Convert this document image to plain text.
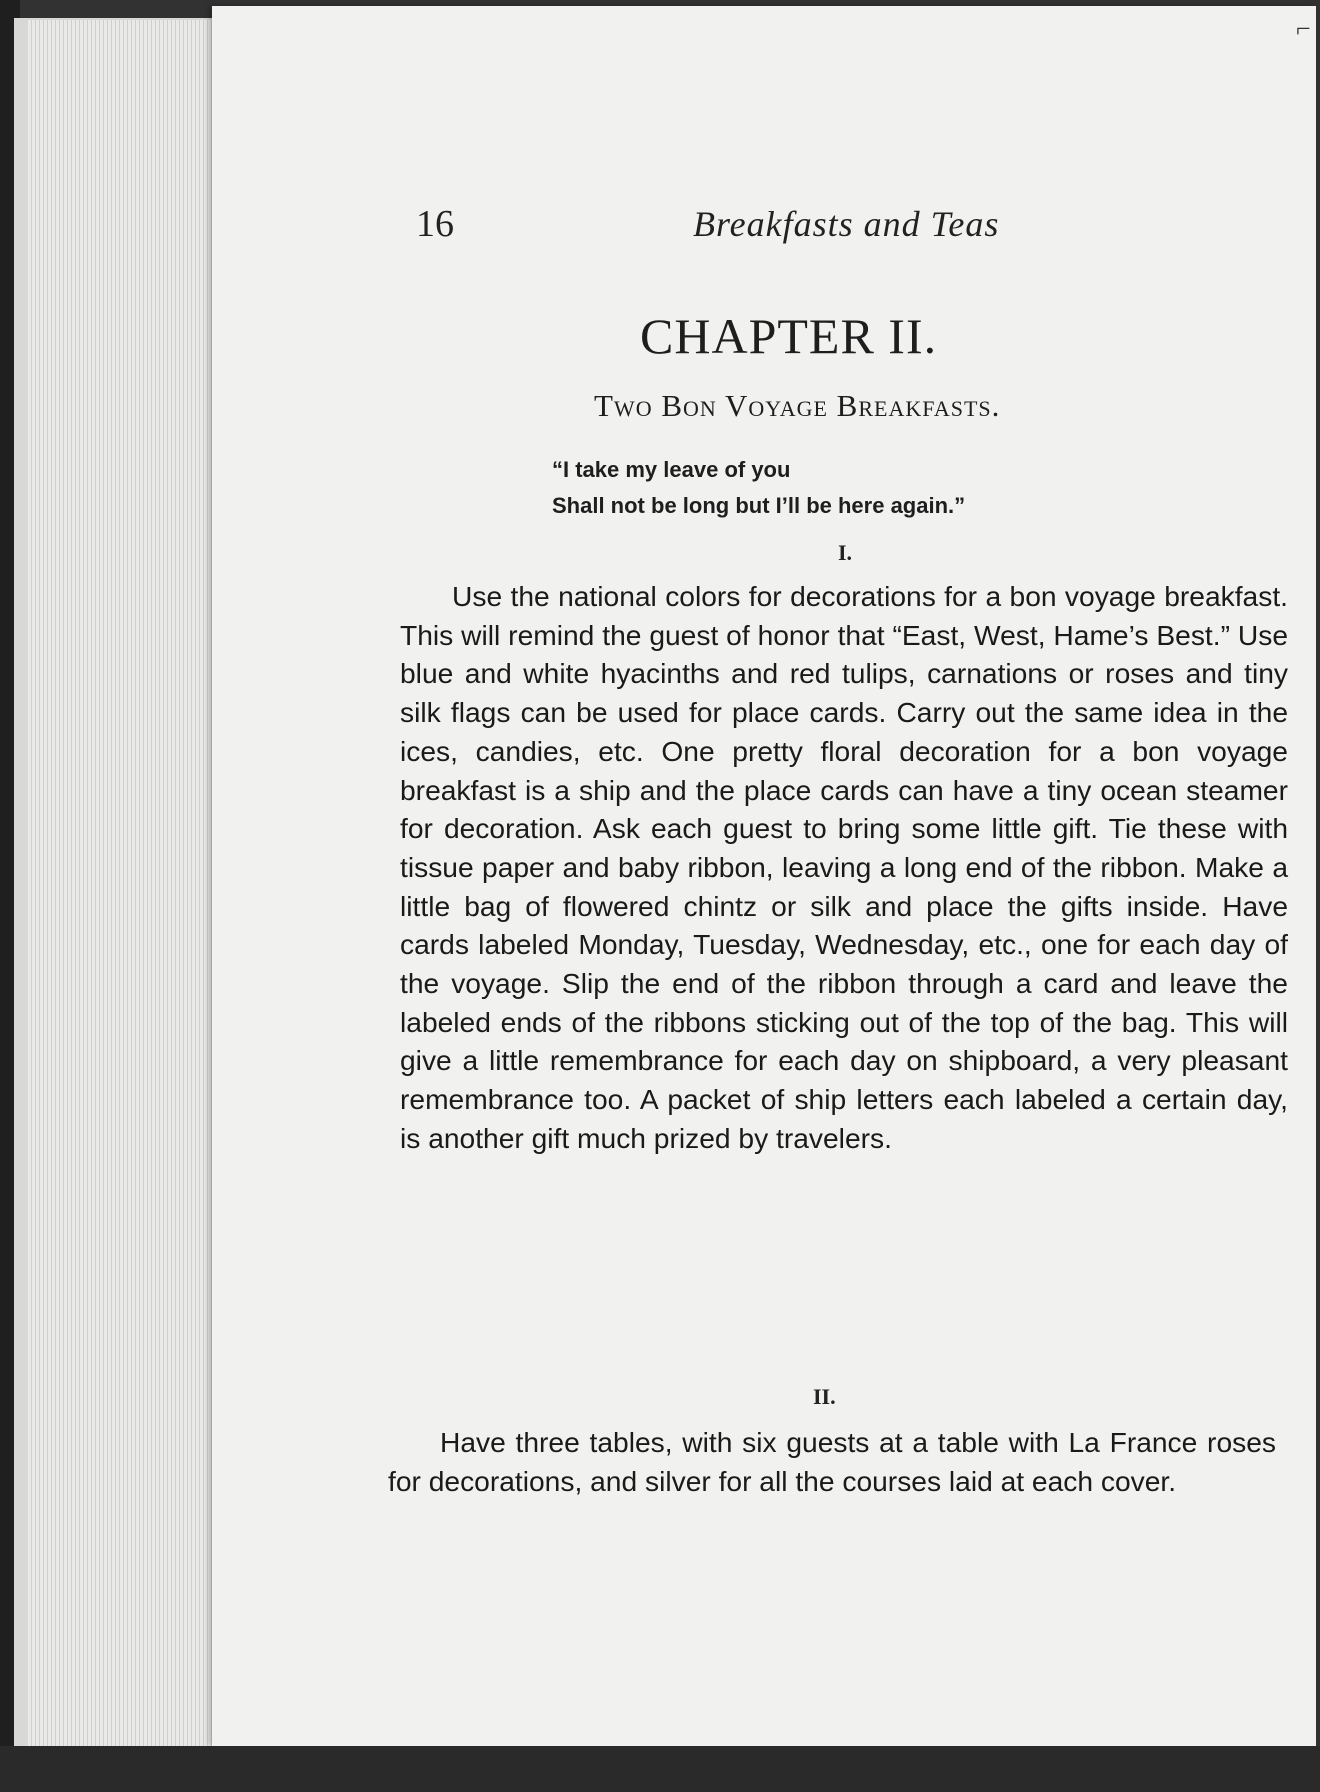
⌐
16	Breakfasts and Teas
CHAPTER II.
Two Bon Voyage Breakfasts.
“I take my leave of you
Shall not be long but I’ll be here again.”
I.
Use the national colors for decorations for a bon voyage breakfast. This will remind the guest of honor that “East, West, Hame’s Best.” Use blue and white hyacinths and red tulips, carnations or roses and tiny silk flags can be used for place cards. Carry out the same idea in the ices, candies, etc. One pretty floral decoration for a bon voyage breakfast is a ship and the place cards can have a tiny ocean steamer for decoration. Ask each guest to bring some little gift. Tie these with tissue paper and baby ribbon, leaving a long end of the ribbon. Make a little bag of flowered chintz or silk and place the gifts inside. Have cards labeled Monday, Tuesday, Wednesday, etc., one for each day of the voyage. Slip the end of the ribbon through a card and leave the labeled ends of the ribbons sticking out of the top of the bag. This will give a little remembrance for each day on shipboard, a very pleasant remembrance too. A packet of ship letters each labeled a certain day, is another gift much prized by travelers.
II.
Have three tables, with six guests at a table with La France roses for decorations, and silver for all the courses laid at each cover.
